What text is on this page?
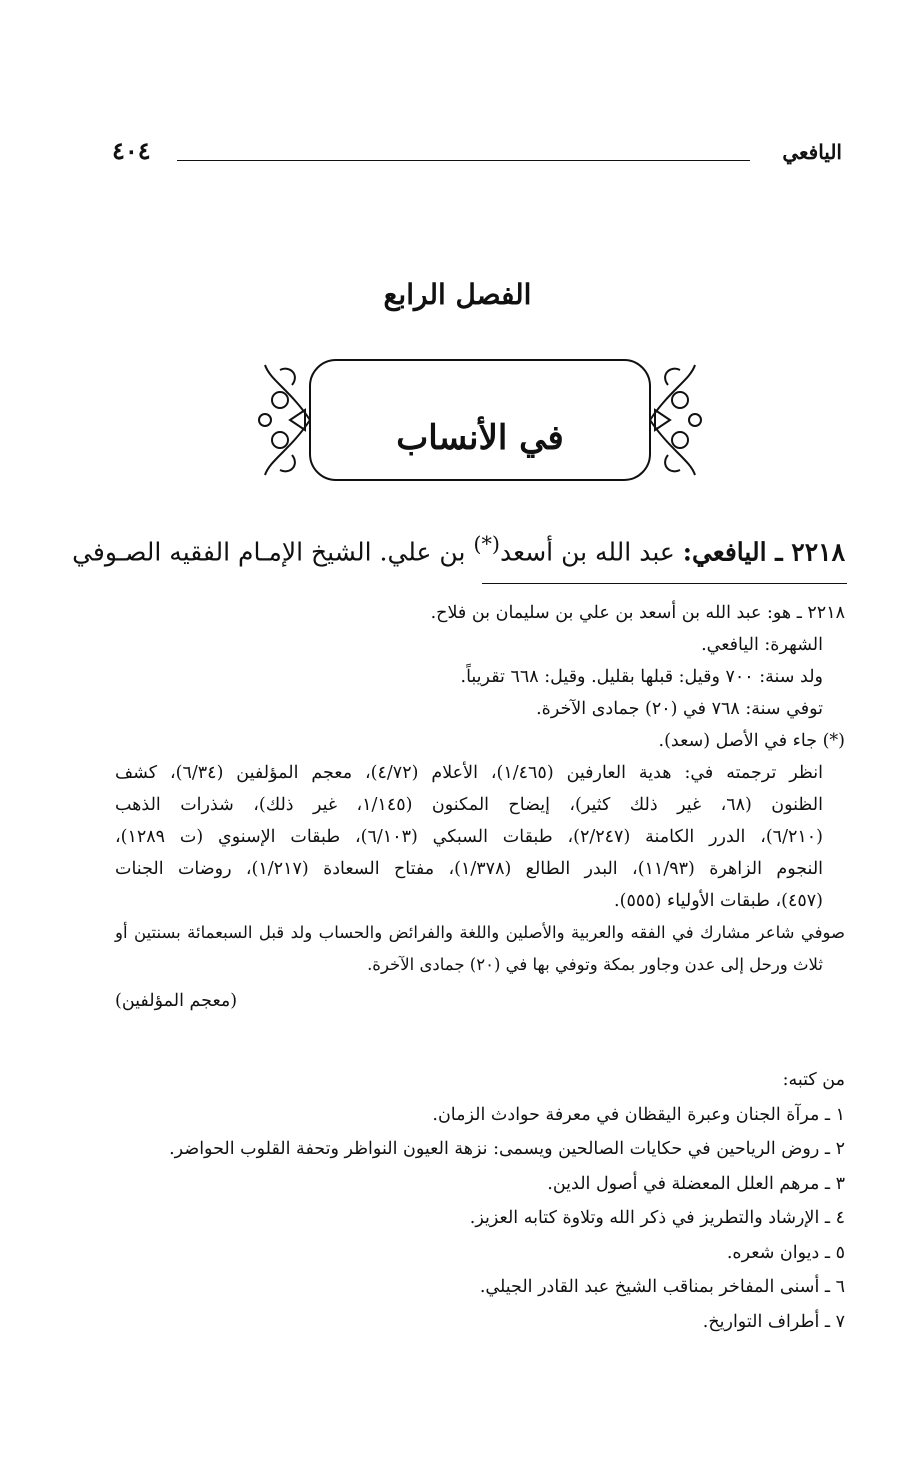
اليافعي
٤٠٤
الفصل الرابع
في الأنساب
٢٢١٨ ـ اليافعي: عبد الله بن أسعد(*) بن علي. الشيخ الإمـام الفقيه الصـوفي

٢٢١٨ ـ هو: عبد الله بن أسعد بن علي بن سليمان بن فلاح.

الشهرة: اليافعي.

ولد سنة: ٧٠٠ وقيل: قبلها بقليل. وقيل: ٦٦٨ تقريباً.

توفي سنة: ٧٦٨ في (٢٠) جمادى الآخرة.

(*) جاء في الأصل (سعد).

انظر ترجمته في: هدية العارفين (١/٤٦٥)، الأعلام (٤/٧٢)، معجم المؤلفين (٦/٣٤)، كشف

الظنون (٦٨، غير ذلك كثير)، إيضاح المكنون (١/١٤٥، غير ذلك)، شذرات الذهب

(٦/٢١٠)، الدرر الكامنة (٢/٢٤٧)، طبقات السبكي (٦/١٠٣)، طبقات الإسنوي (ت ١٢٨٩)،

النجوم الزاهرة (١١/٩٣)، البدر الطالع (١/٣٧٨)، مفتاح السعادة (١/٢١٧)، روضات الجنات

(٤٥٧)، طبقات الأولياء (٥٥٥).

صوفي شاعر مشارك في الفقه والعربية والأصلين واللغة والفرائض والحساب ولد قبل السبعمائة بسنتين أو

ثلاث ورحل إلى عدن وجاور بمكة وتوفي بها في (٢٠) جمادى الآخرة.

(معجم المؤلفين)

من كتبه:

١ ـ مرآة الجنان وعبرة اليقظان في معرفة حوادث الزمان.
٢ ـ روض الرياحين في حكايات الصالحين ويسمى: نزهة العيون النواظر وتحفة القلوب الحواضر.
٣ ـ مرهم العلل المعضلة في أصول الدين.
٤ ـ الإرشاد والتطريز في ذكر الله وتلاوة كتابه العزيز.
٥ ـ ديوان شعره.
٦ ـ أسنى المفاخر بمناقب الشيخ عبد القادر الجيلي.
٧ ـ أطراف التواريخ.
